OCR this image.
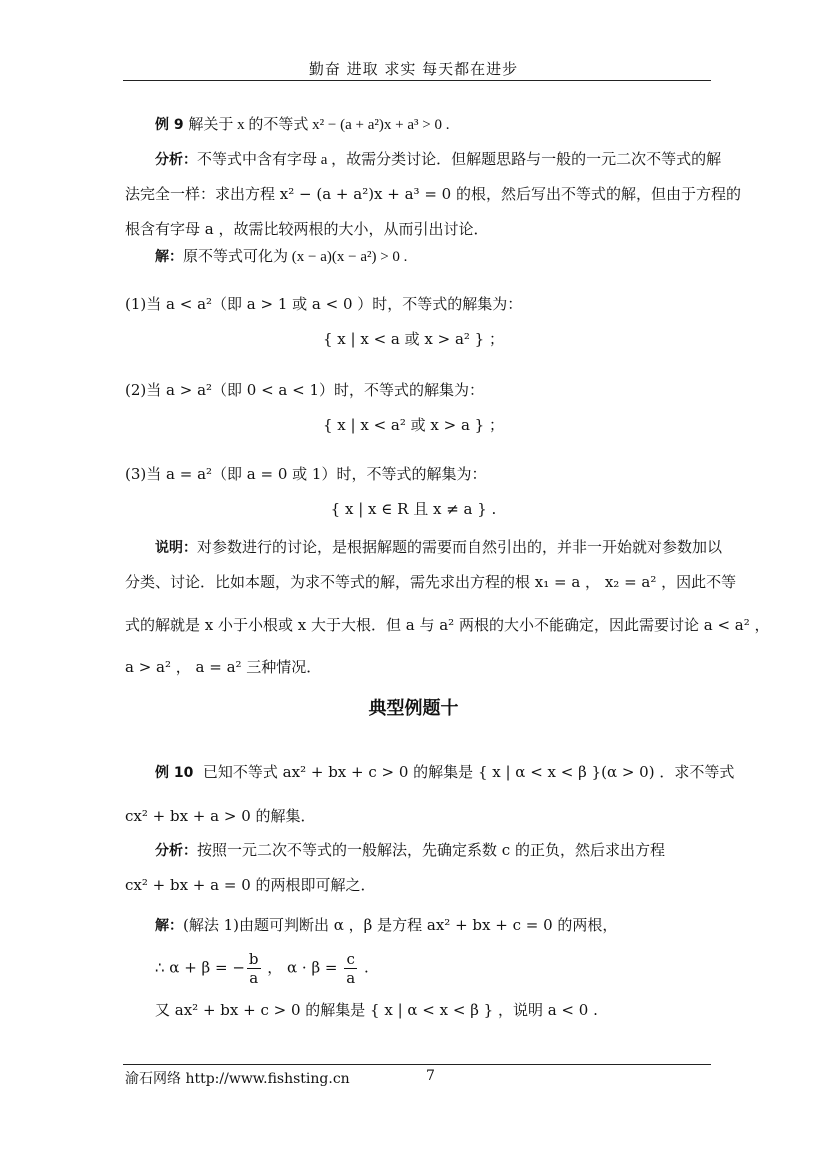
勤奋 进取 求实 每天都在进步
例 9 解关于 x 的不等式 x² − (a + a²)x + a³ > 0 .
分析：不等式中含有字母 a ，故需分类讨论．但解题思路与一般的一元二次不等式的解
法完全一样：求出方程 x² − (a + a²)x + a³ = 0 的根，然后写出不等式的解，但由于方程的
根含有字母 a ，故需比较两根的大小，从而引出讨论．
解：原不等式可化为 (x − a)(x − a²) > 0 .
(1)当 a < a²（即 a > 1 或 a < 0 ）时，不等式的解集为：
{ x | x < a 或 x > a² } ；
(2)当 a > a²（即 0 < a < 1）时，不等式的解集为：
{ x | x < a² 或 x > a } ；
(3)当 a = a²（即 a = 0 或 1）时，不等式的解集为：
{ x | x ∈ R 且 x ≠ a } .
说明：对参数进行的讨论，是根据解题的需要而自然引出的，并非一开始就对参数加以
分类、讨论．比如本题，为求不等式的解，需先求出方程的根 x₁ = a ， x₂ = a² ，因此不等
式的解就是 x 小于小根或 x 大于大根．但 a 与 a² 两根的大小不能确定，因此需要讨论 a < a² ，
a > a² ， a = a² 三种情况．
典型例题十
例 10 已知不等式 ax² + bx + c > 0 的解集是 { x | α < x < β }(α > 0) ．求不等式
cx² + bx + a > 0 的解集．
分析：按照一元二次不等式的一般解法，先确定系数 c 的正负，然后求出方程
cx² + bx + a = 0 的两根即可解之．
解：(解法 1)由题可判断出 α ，β 是方程 ax² + bx + c = 0 的两根，
∴ α + β = − $\frac{b}{a}$ ， $\alpha \cdot \beta = \frac{c}{a}$ .
又 ax² + bx + c > 0 的解集是 { x | α < x < β } ，说明 a < 0 .
渝石网络 http://www.fishsting.cn	7
